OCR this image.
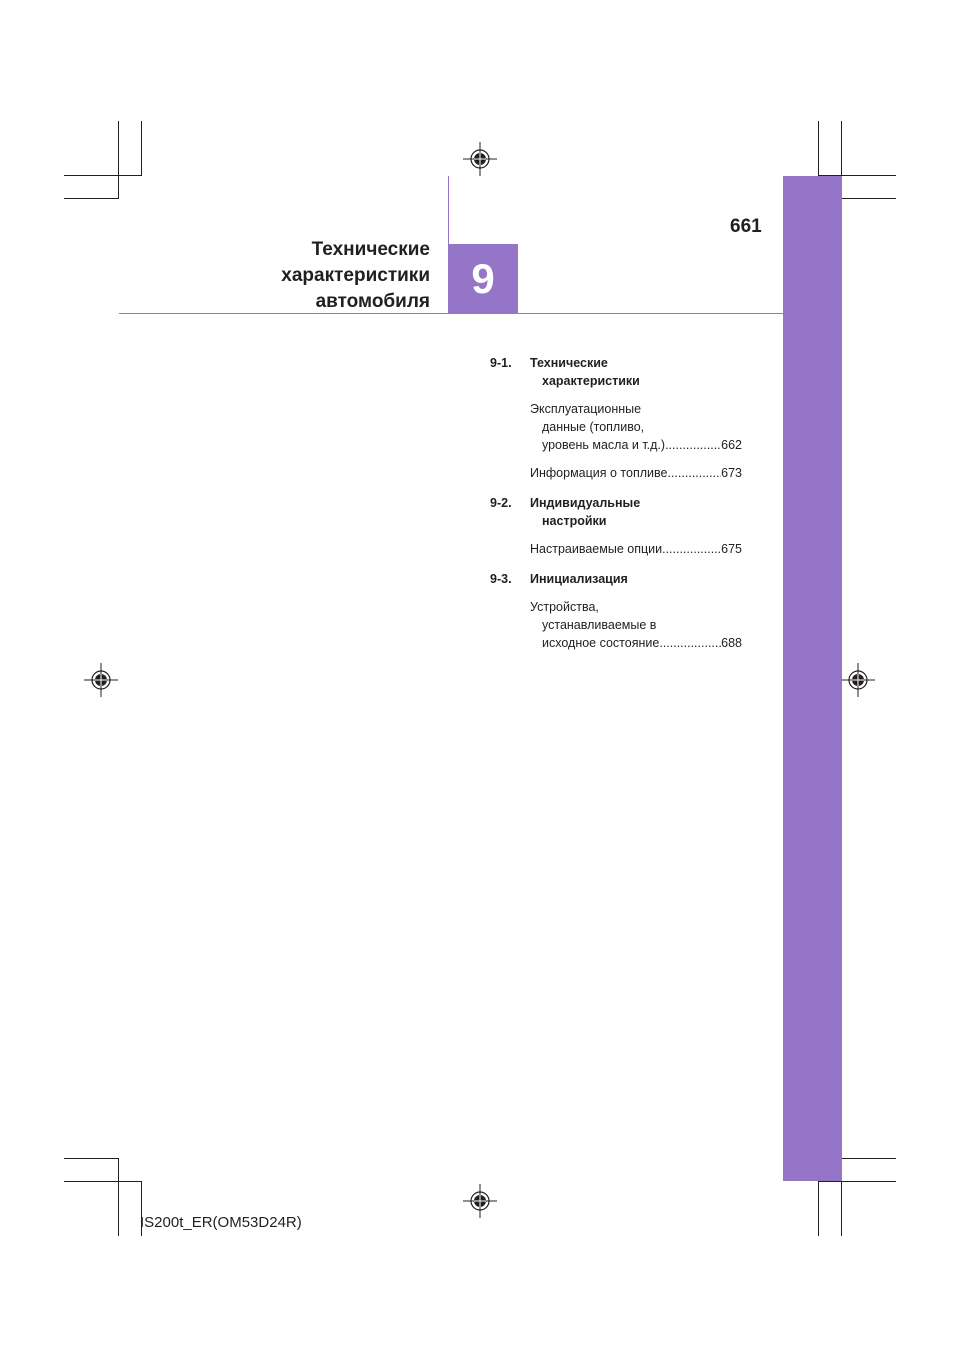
Технические
характеристики
автомобиля 9
661
9-1. Технические
характеристики
Эксплуатационные
данные (топливо,
уровень масла и т.д.) .....	662
Информация о топливе .....	673
9-2. Индивидуальные
настройки
Настраиваемые опции .....	675
9-3. Инициализация
Устройства,
устанавливаемые в
исходное состояние .....	688
IS200t_ER(OM53D24R)
